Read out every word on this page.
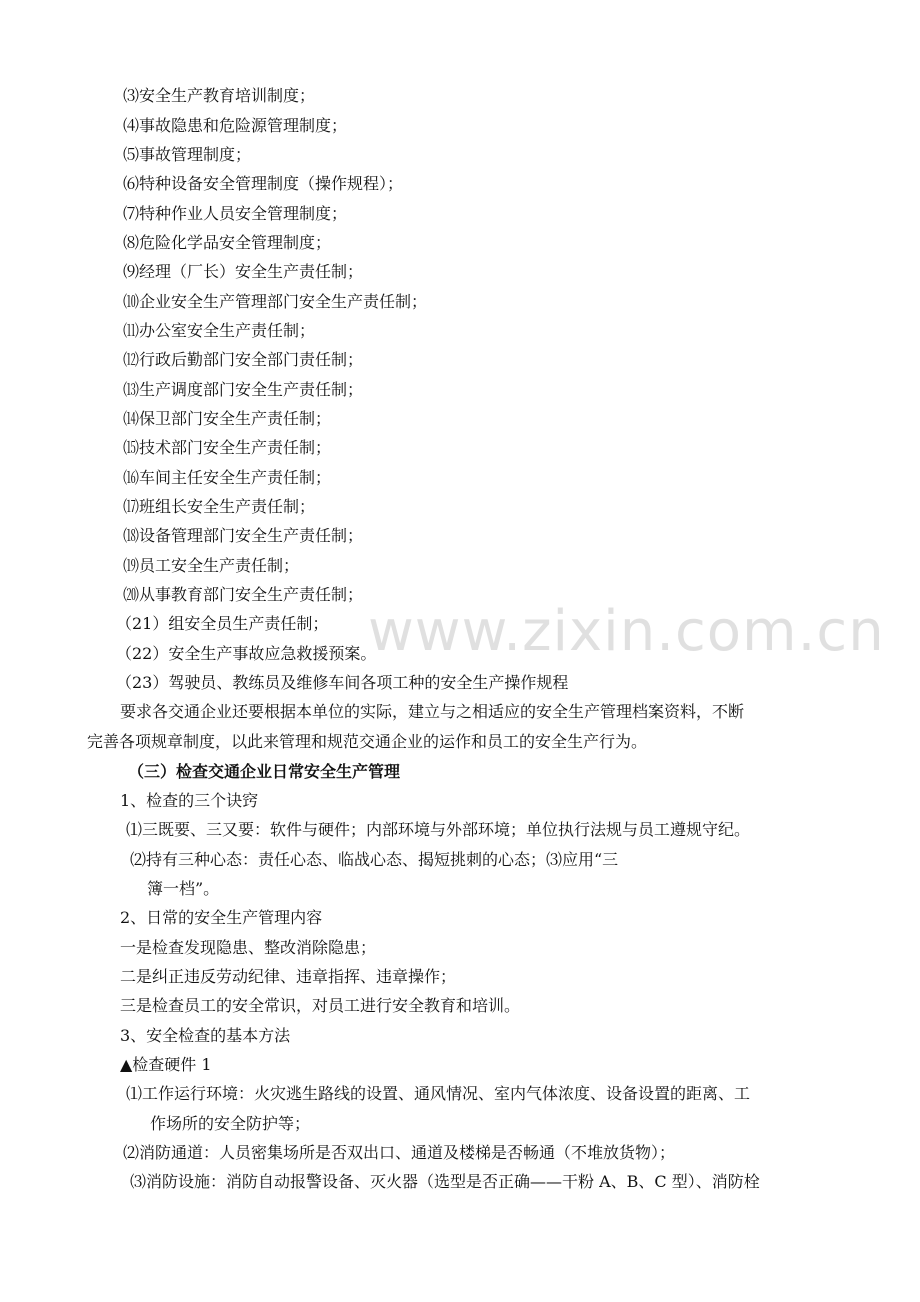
www.zixin.com.cn
⑶安全生产教育培训制度；
⑷事故隐患和危险源管理制度；
⑸事故管理制度；
⑹特种设备安全管理制度（操作规程）；
⑺特种作业人员安全管理制度；
⑻危险化学品安全管理制度；
⑼经理（厂长）安全生产责任制；
⑽企业安全生产管理部门安全生产责任制；
⑾办公室安全生产责任制；
⑿行政后勤部门安全部门责任制；
⒀生产调度部门安全生产责任制；
⒁保卫部门安全生产责任制；
⒂技术部门安全生产责任制；
⒃车间主任安全生产责任制；
⒄班组长安全生产责任制；
⒅设备管理部门安全生产责任制；
⒆员工安全生产责任制；
⒇从事教育部门安全生产责任制；
（21）组安全员生产责任制；
（22）安全生产事故应急救援预案。
（23）驾驶员、教练员及维修车间各项工种的安全生产操作规程
要求各交通企业还要根据本单位的实际，建立与之相适应的安全生产管理档案资料，不断
完善各项规章制度，以此来管理和规范交通企业的运作和员工的安全生产行为。
（三）检查交通企业日常安全生产管理
1、检查的三个诀窍
⑴三既要、三又要：软件与硬件；内部环境与外部环境；单位执行法规与员工遵规守纪。
⑵持有三种心态：责任心态、临战心态、揭短挑刺的心态；⑶应用“三
簿一档”。
2、日常的安全生产管理内容
一是检查发现隐患、整改消除隐患；
二是纠正违反劳动纪律、违章指挥、违章操作；
三是检查员工的安全常识，对员工进行安全教育和培训。
3、安全检查的基本方法
▲检查硬件 1
⑴工作运行环境：火灾逃生路线的设置、通风情况、室内气体浓度、设备设置的距离、工
作场所的安全防护等；
⑵消防通道：人员密集场所是否双出口、通道及楼梯是否畅通（不堆放货物）；
⑶消防设施：消防自动报警设备、灭火器（选型是否正确——干粉 A、B、C 型）、消防栓
